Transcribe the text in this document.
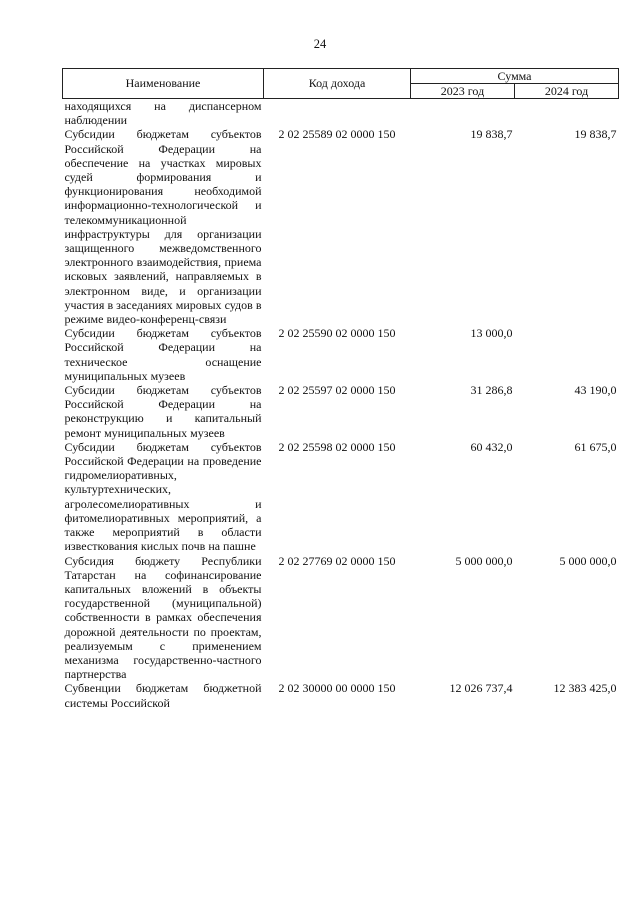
24
Наименование	Код дохода	Сумма	
		2023 год	2024 год
находящихся на диспансерном наблюдении			
Субсидии бюджетам субъектов Российской Федерации на обеспечение на участках мировых судей формирования и функционирования необходимой информационно-технологической и телекоммуникационной инфраструктуры для организации защищенного межведомственного электронного взаимодействия, приема исковых заявлений, направляемых в электронном виде, и организации участия в заседаниях мировых судов в режиме видео-конференц-связи	2 02 25589 02 0000 150	19 838,7	19 838,7
Субсидии бюджетам субъектов Российской Федерации на техническое оснащение муниципальных музеев	2 02 25590 02 0000 150	13 000,0	
Субсидии бюджетам субъектов Российской Федерации на реконструкцию и капитальный ремонт муниципальных музеев	2 02 25597 02 0000 150	31 286,8	43 190,0
Субсидии бюджетам субъектов Российской Федерации на проведение гидромелиоративных, культуртехнических, агролесомелиоративных и фитомелиоративных мероприятий, а также мероприятий в области известкования кислых почв на пашне	2 02 25598 02 0000 150	60 432,0	61 675,0
Субсидия бюджету Республики Татарстан на софинансирование капитальных вложений в объекты государственной (муниципальной) собственности в рамках обеспечения дорожной деятельности по проектам, реализуемым с применением механизма государственно-частного партнерства	2 02 27769 02 0000 150	5 000 000,0	5 000 000,0
Субвенции бюджетам бюджетной системы Российской	2 02 30000 00 0000 150	12 026 737,4	12 383 425,0
